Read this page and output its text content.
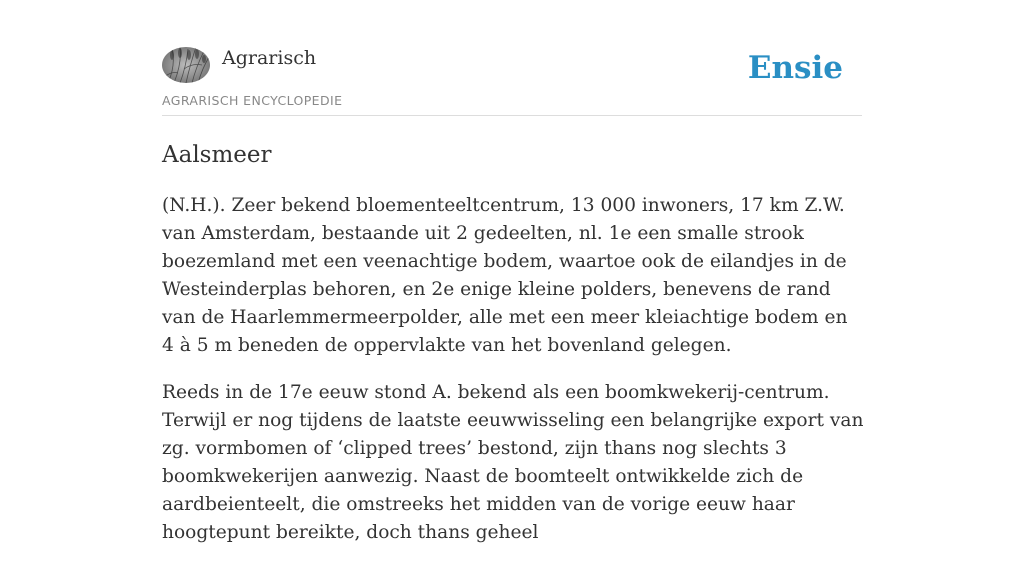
Agrarisch
AGRARISCH ENCYCLOPEDIE
Ensie
Aalsmeer

(N.H.). Zeer bekend bloementeeltcentrum, 13 000 inwoners, 17 km Z.W. van Amsterdam, bestaande uit 2 gedeelten, nl. 1e een smalle strook boezemland met een veenachtige bodem, waartoe ook de eilandjes in de Westeinderplas behoren, en 2e enige kleine polders, benevens de rand van de Haarlemmermeerpolder, alle met een meer kleiachtige bodem en 4 à 5 m beneden de oppervlakte van het bovenland gelegen.

Reeds in de 17e eeuw stond A. bekend als een boomkwekerij-centrum. Terwijl er nog tijdens de laatste eeuwwisseling een belangrijke export van zg. vormbomen of ‘clipped trees’ bestond, zijn thans nog slechts 3 boomkwekerijen aanwezig. Naast de boomteelt ontwikkelde zich de aardbeienteelt, die omstreeks het midden van de vorige eeuw haar hoogtepunt bereikte, doch thans geheel
